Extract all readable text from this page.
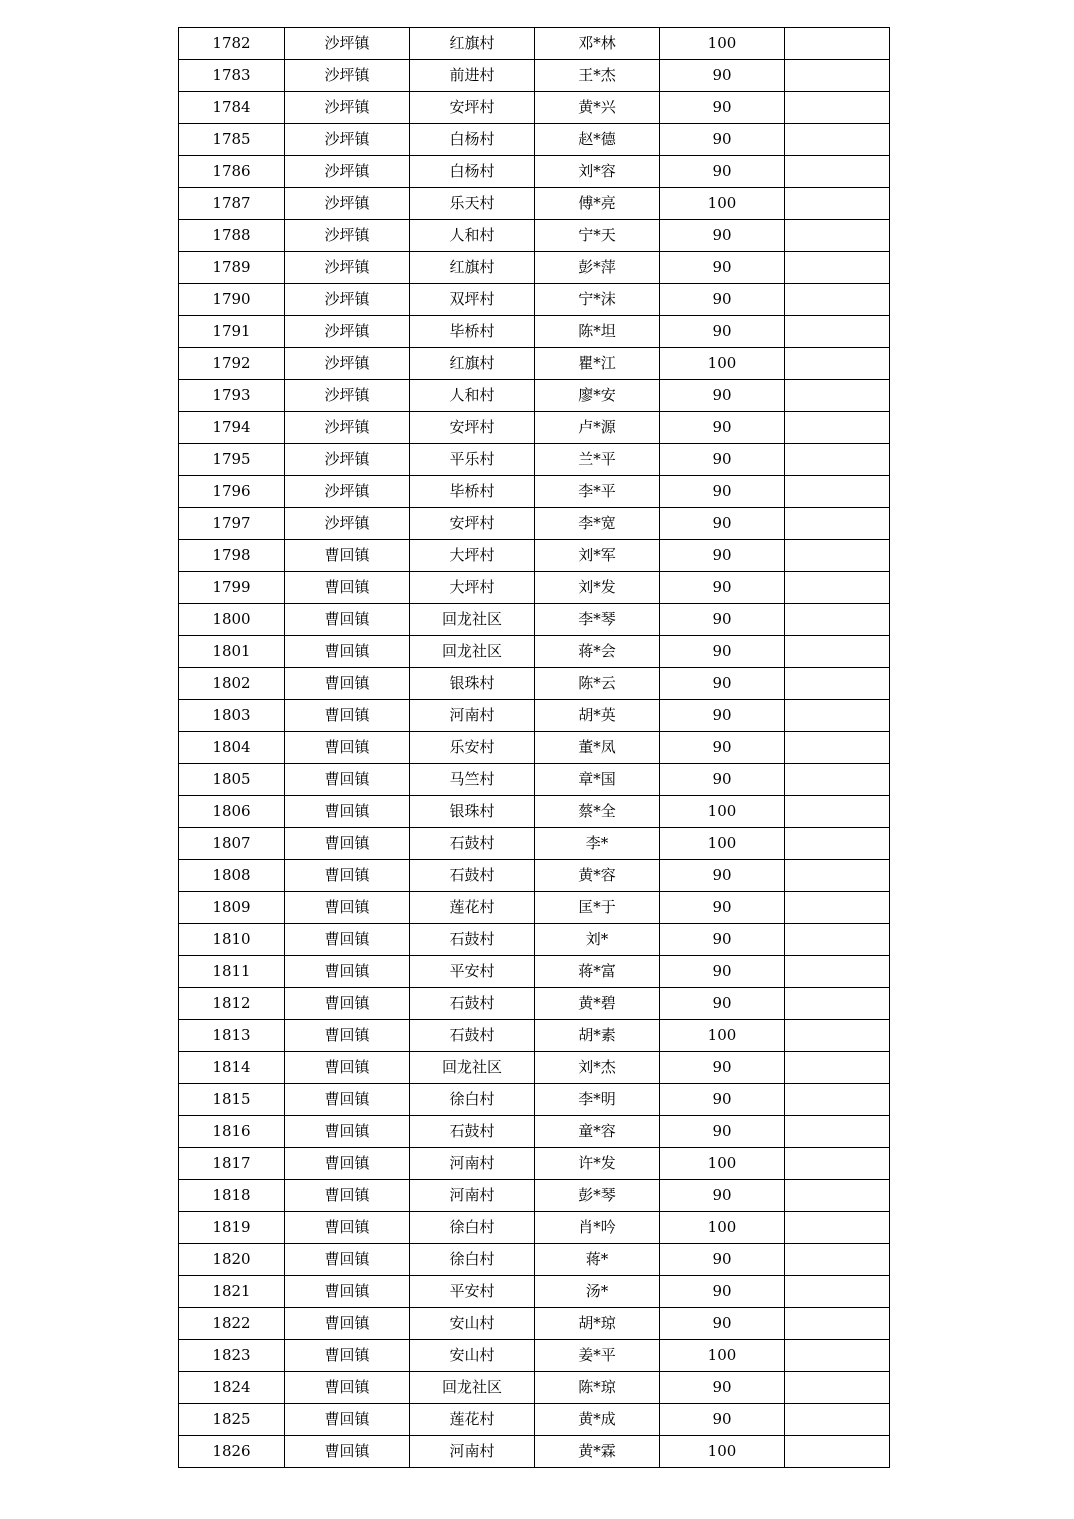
1782	沙坪镇	红旗村	邓*林	100	
1783	沙坪镇	前进村	王*杰	90	
1784	沙坪镇	安坪村	黄*兴	90	
1785	沙坪镇	白杨村	赵*德	90	
1786	沙坪镇	白杨村	刘*容	90	
1787	沙坪镇	乐天村	傅*亮	100	
1788	沙坪镇	人和村	宁*天	90	
1789	沙坪镇	红旗村	彭*萍	90	
1790	沙坪镇	双坪村	宁*沫	90	
1791	沙坪镇	毕桥村	陈*坦	90	
1792	沙坪镇	红旗村	瞿*江	100	
1793	沙坪镇	人和村	廖*安	90	
1794	沙坪镇	安坪村	卢*源	90	
1795	沙坪镇	平乐村	兰*平	90	
1796	沙坪镇	毕桥村	李*平	90	
1797	沙坪镇	安坪村	李*宽	90	
1798	曹回镇	大坪村	刘*军	90	
1799	曹回镇	大坪村	刘*发	90	
1800	曹回镇	回龙社区	李*琴	90	
1801	曹回镇	回龙社区	蒋*会	90	
1802	曹回镇	银珠村	陈*云	90	
1803	曹回镇	河南村	胡*英	90	
1804	曹回镇	乐安村	董*凤	90	
1805	曹回镇	马竺村	章*国	90	
1806	曹回镇	银珠村	蔡*全	100	
1807	曹回镇	石鼓村	李*	100	
1808	曹回镇	石鼓村	黄*容	90	
1809	曹回镇	莲花村	匡*于	90	
1810	曹回镇	石鼓村	刘*	90	
1811	曹回镇	平安村	蒋*富	90	
1812	曹回镇	石鼓村	黄*碧	90	
1813	曹回镇	石鼓村	胡*素	100	
1814	曹回镇	回龙社区	刘*杰	90	
1815	曹回镇	徐白村	李*明	90	
1816	曹回镇	石鼓村	童*容	90	
1817	曹回镇	河南村	许*发	100	
1818	曹回镇	河南村	彭*琴	90	
1819	曹回镇	徐白村	肖*吟	100	
1820	曹回镇	徐白村	蒋*	90	
1821	曹回镇	平安村	汤*	90	
1822	曹回镇	安山村	胡*琼	90	
1823	曹回镇	安山村	姜*平	100	
1824	曹回镇	回龙社区	陈*琼	90	
1825	曹回镇	莲花村	黄*成	90	
1826	曹回镇	河南村	黄*霖	100	
